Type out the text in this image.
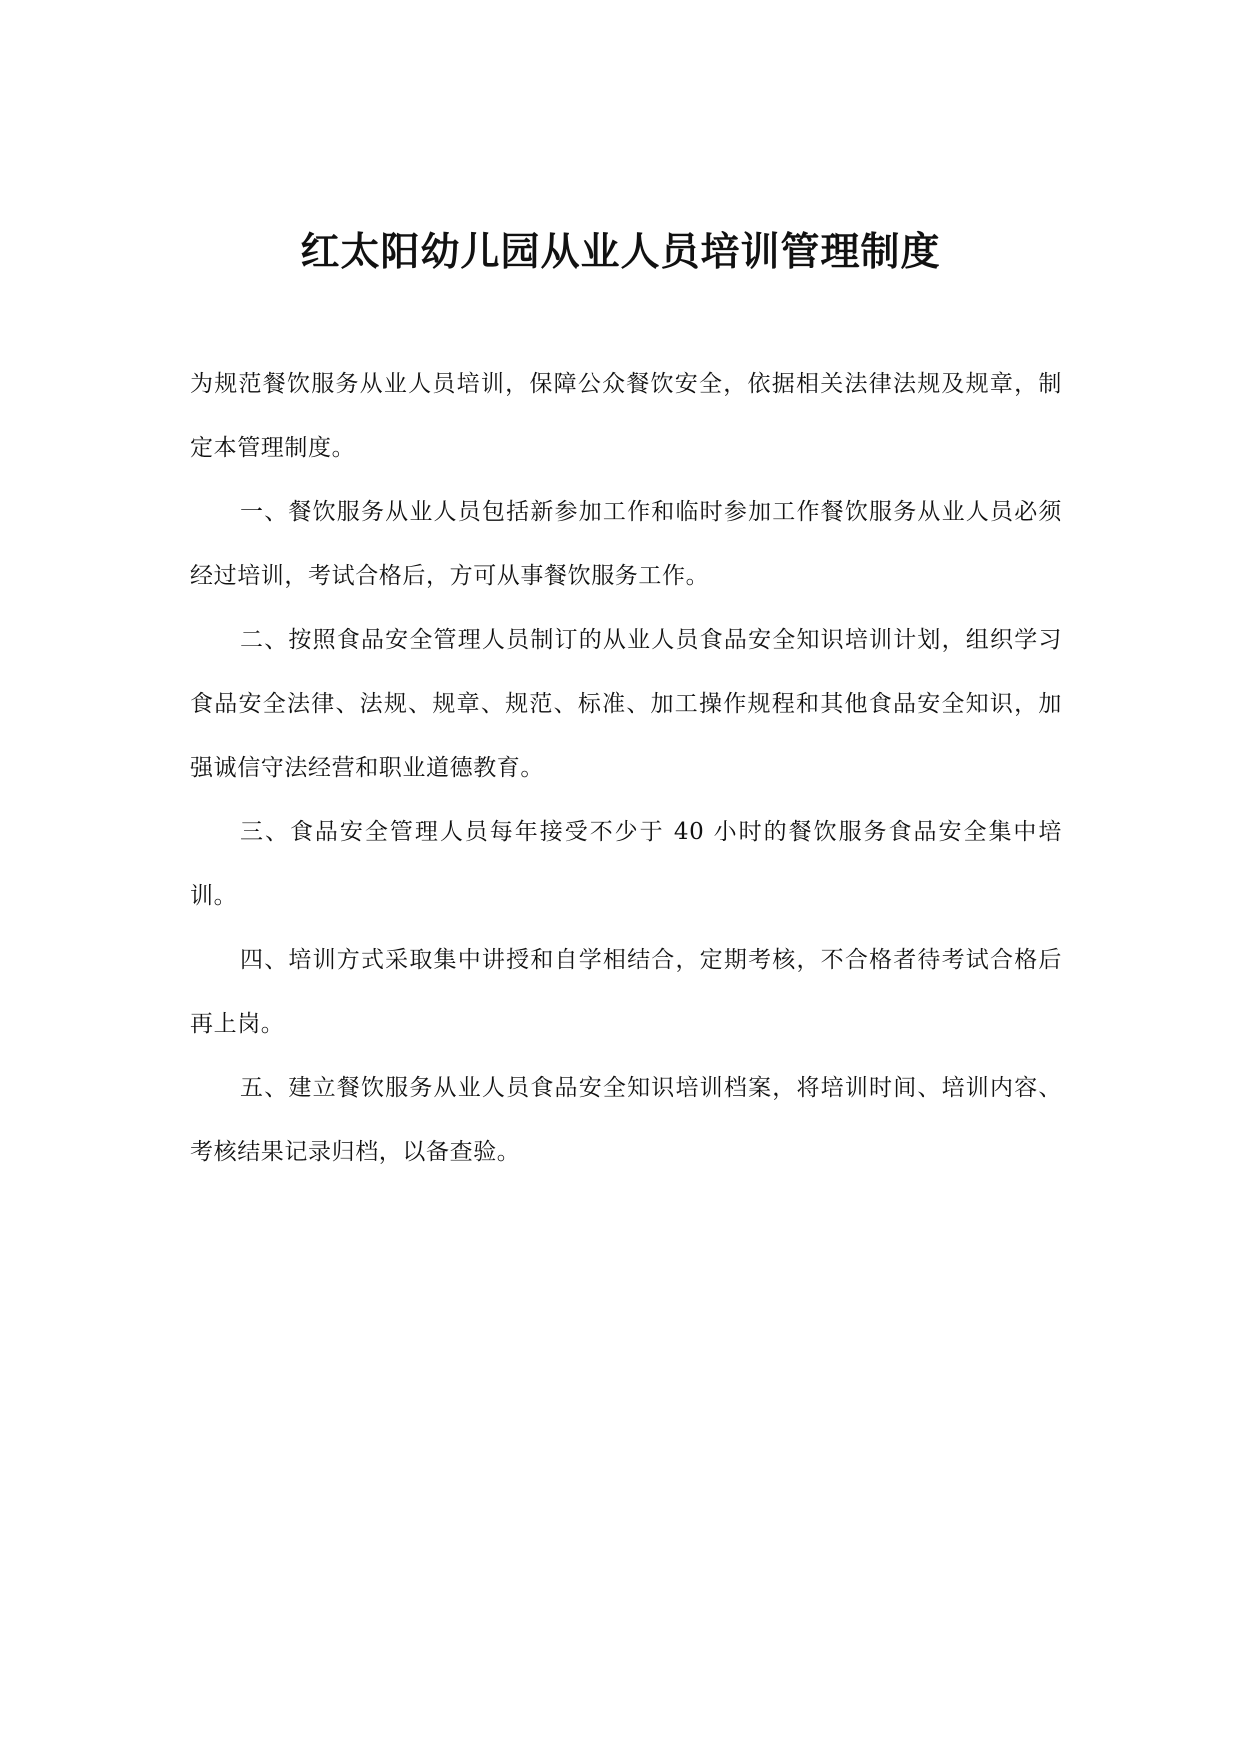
红太阳幼儿园从业人员培训管理制度

为规范餐饮服务从业人员培训，保障公众餐饮安全，依据相关法律法规及规章，制定本管理制度。

一、餐饮服务从业人员包括新参加工作和临时参加工作餐饮服务从业人员必须经过培训，考试合格后，方可从事餐饮服务工作。

二、按照食品安全管理人员制订的从业人员食品安全知识培训计划，组织学习食品安全法律、法规、规章、规范、标准、加工操作规程和其他食品安全知识，加强诚信守法经营和职业道德教育。

三、食品安全管理人员每年接受不少于 40 小时的餐饮服务食品安全集中培训。

四、培训方式采取集中讲授和自学相结合，定期考核，不合格者待考试合格后再上岗。

五、建立餐饮服务从业人员食品安全知识培训档案，将培训时间、培训内容、考核结果记录归档，以备查验。
